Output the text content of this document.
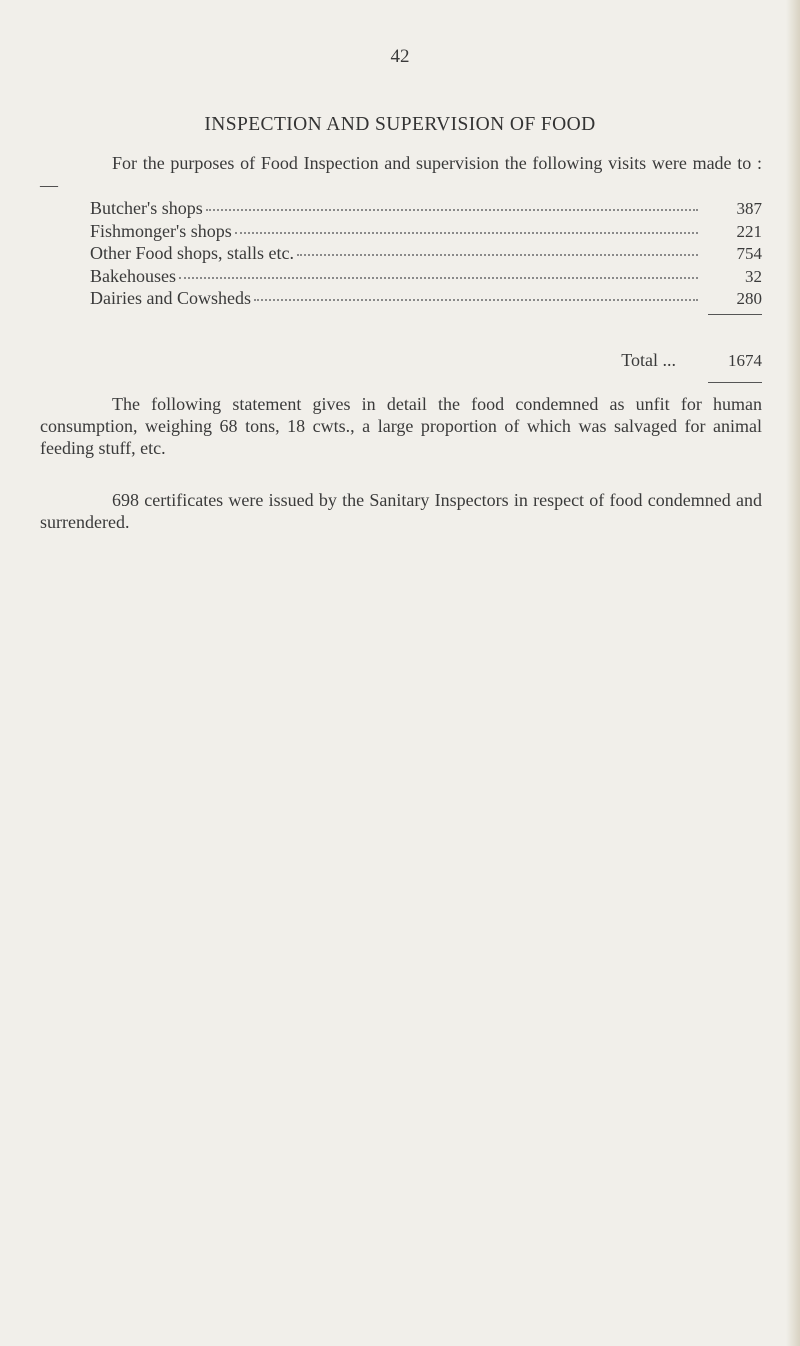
42
INSPECTION AND SUPERVISION OF FOOD
For the purposes of Food Inspection and supervision the following visits were made to :—
Butcher's shops	387
Fishmonger's shops	221
Other Food shops, stalls etc.	754
Bakehouses	32
Dairies and Cowsheds	280
Total ...	1674
The following statement gives in detail the food condemned as unfit for human consumption, weighing 68 tons, 18 cwts., a large proportion of which was salvaged for animal feeding stuff, etc.
698 certificates were issued by the Sanitary Inspectors in respect of food condemned and surrendered.
